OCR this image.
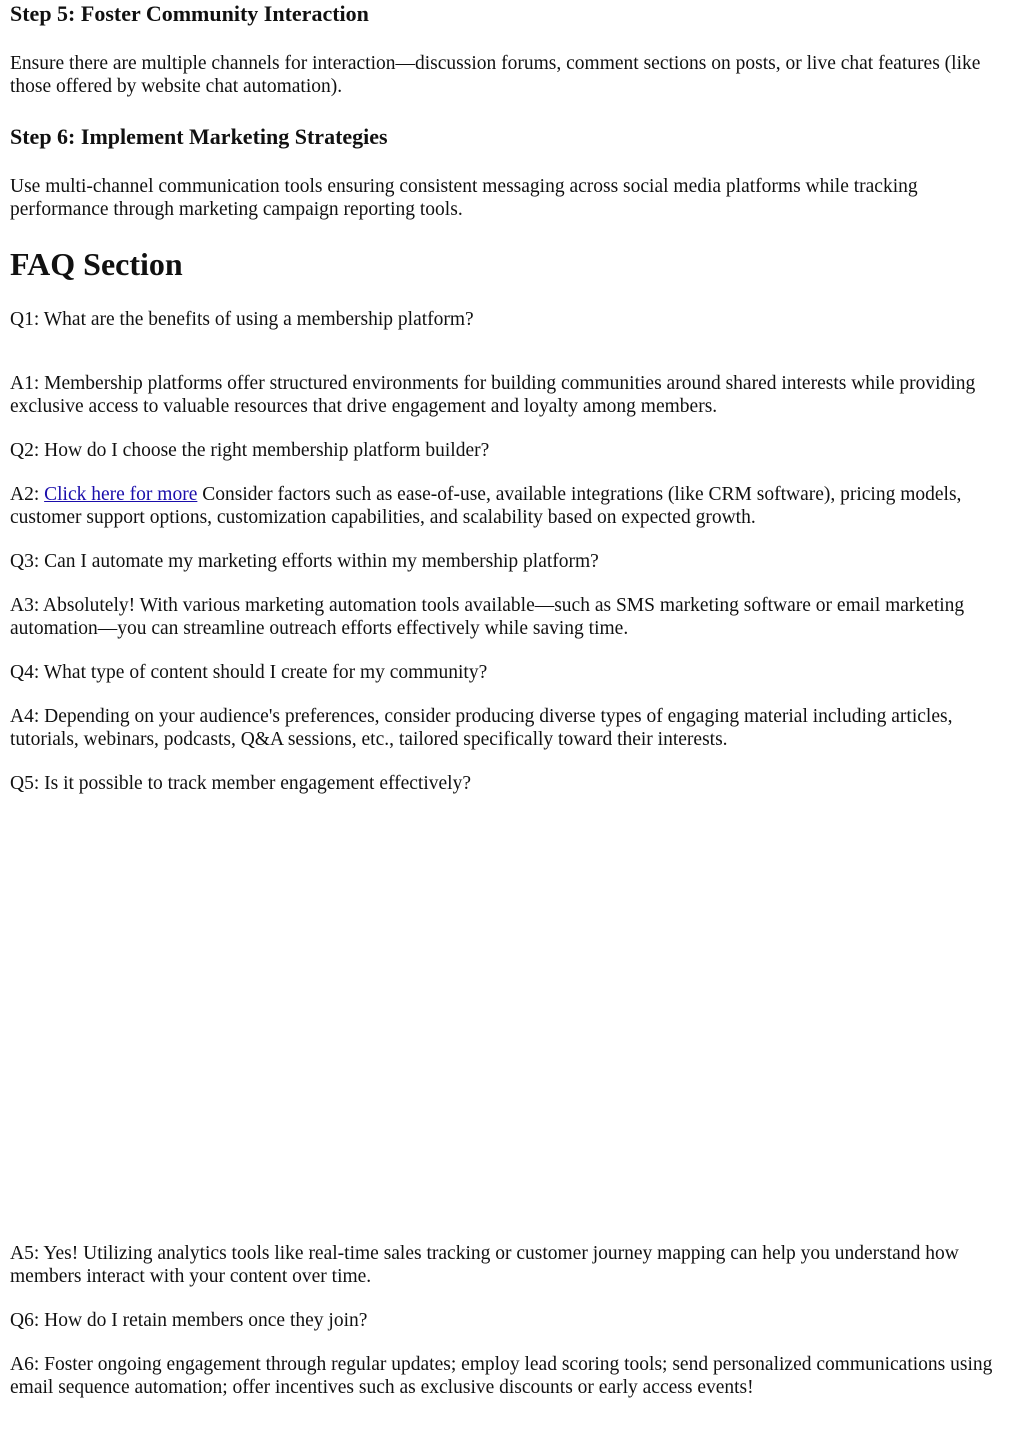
Step 5: Foster Community Interaction

Ensure there are multiple channels for interaction—discussion forums, comment sections on posts, or live chat features (like those offered by website chat automation).

Step 6: Implement Marketing Strategies

Use multi-channel communication tools ensuring consistent messaging across social media platforms while tracking performance through marketing campaign reporting tools.

FAQ Section

Q1: What are the benefits of using a membership platform?

A1: Membership platforms offer structured environments for building communities around shared interests while providing exclusive access to valuable resources that drive engagement and loyalty among members.

Q2: How do I choose the right membership platform builder?

A2: Click here for more Consider factors such as ease-of-use, available integrations (like CRM software), pricing models, customer support options, customization capabilities, and scalability based on expected growth.

Q3: Can I automate my marketing efforts within my membership platform?

A3: Absolutely! With various marketing automation tools available—such as SMS marketing software or email marketing automation—you can streamline outreach efforts effectively while saving time.

Q4: What type of content should I create for my community?

A4: Depending on your audience's preferences, consider producing diverse types of engaging material including articles, tutorials, webinars, podcasts, Q&A sessions, etc., tailored specifically toward their interests.

Q5: Is it possible to track member engagement effectively?

A5: Yes! Utilizing analytics tools like real-time sales tracking or customer journey mapping can help you understand how members interact with your content over time.

Q6: How do I retain members once they join?

A6: Foster ongoing engagement through regular updates; employ lead scoring tools; send personalized communications using email sequence automation; offer incentives such as exclusive discounts or early access events!
